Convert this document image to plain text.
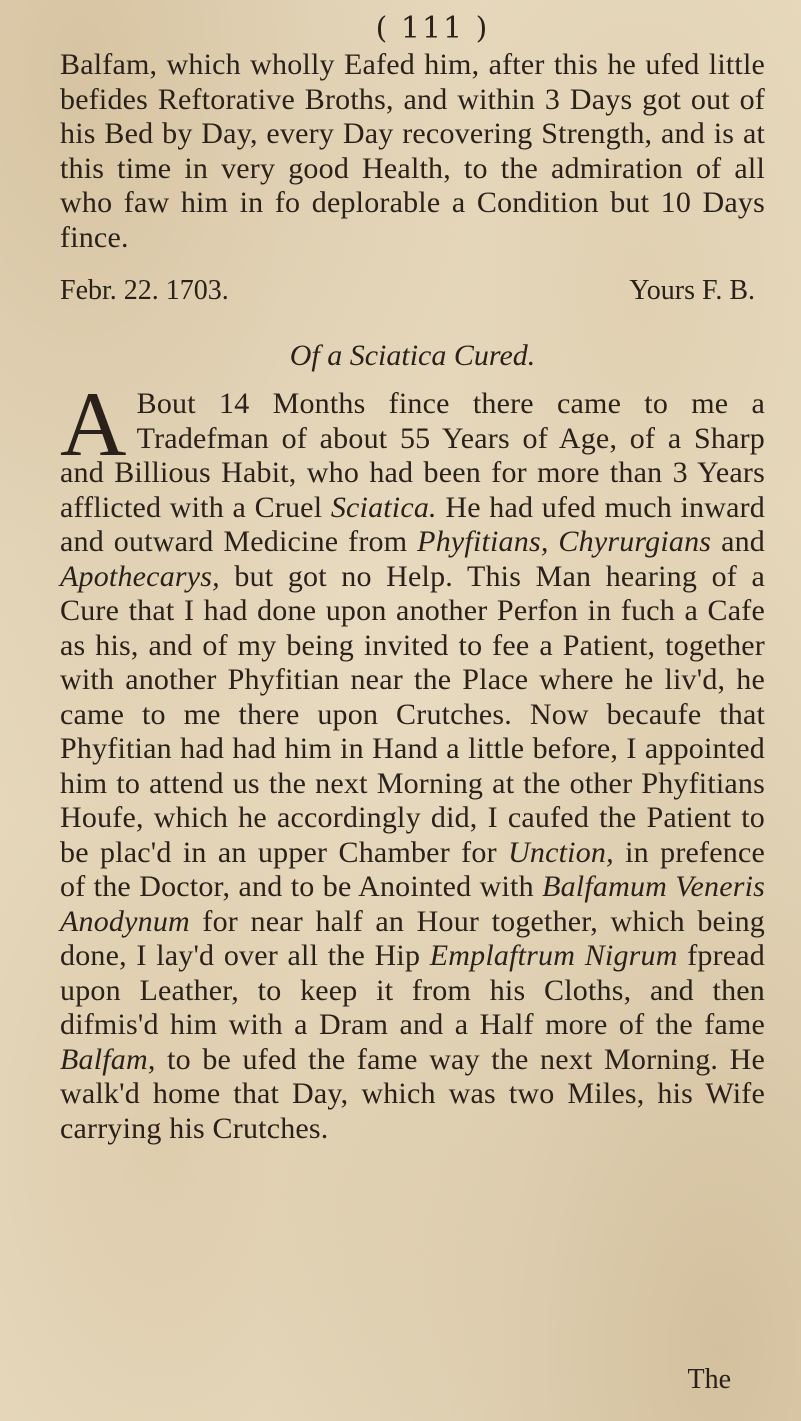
( 111 )

Balfam, which wholly Eafed him, after this he ufed little befides Reftorative Broths, and within 3 Days got out of his Bed by Day, every Day recovering Strength, and is at this time in very good Health, to the admiration of all who faw him in fo deplorable a Condition but 10 Days fince.

Febr. 22. 1703.	Yours F. B.
Of a Sciatica Cured.

A Bout 14 Months fince there came to me a Tradefman of about 55 Years of Age, of a Sharp and Billious Habit, who had been for more than 3 Years afflicted with a Cruel Sciatica. He had ufed much inward and outward Medicine from Phyfitians, Chyrurgians and Apothecarys, but got no Help. This Man hearing of a Cure that I had done upon another Perfon in fuch a Cafe as his, and of my being invited to fee a Patient, together with another Phyfitian near the Place where he liv'd, he came to me there upon Crutches. Now becaufe that Phyfitian had had him in Hand a little before, I appointed him to attend us the next Morning at the other Phyfitians Houfe, which he accordingly did, I caufed the Patient to be plac'd in an upper Chamber for Unction, in prefence of the Doctor, and to be Anointed with Balfamum Veneris Anodynum for near half an Hour together, which being done, I lay'd over all the Hip Emplaftrum Nigrum fpread upon Leather, to keep it from his Cloths, and then difmis'd him with a Dram and a Half more of the fame Balfam, to be ufed the fame way the next Morning. He walk'd home that Day, which was two Miles, his Wife carrying his Crutches.

The
